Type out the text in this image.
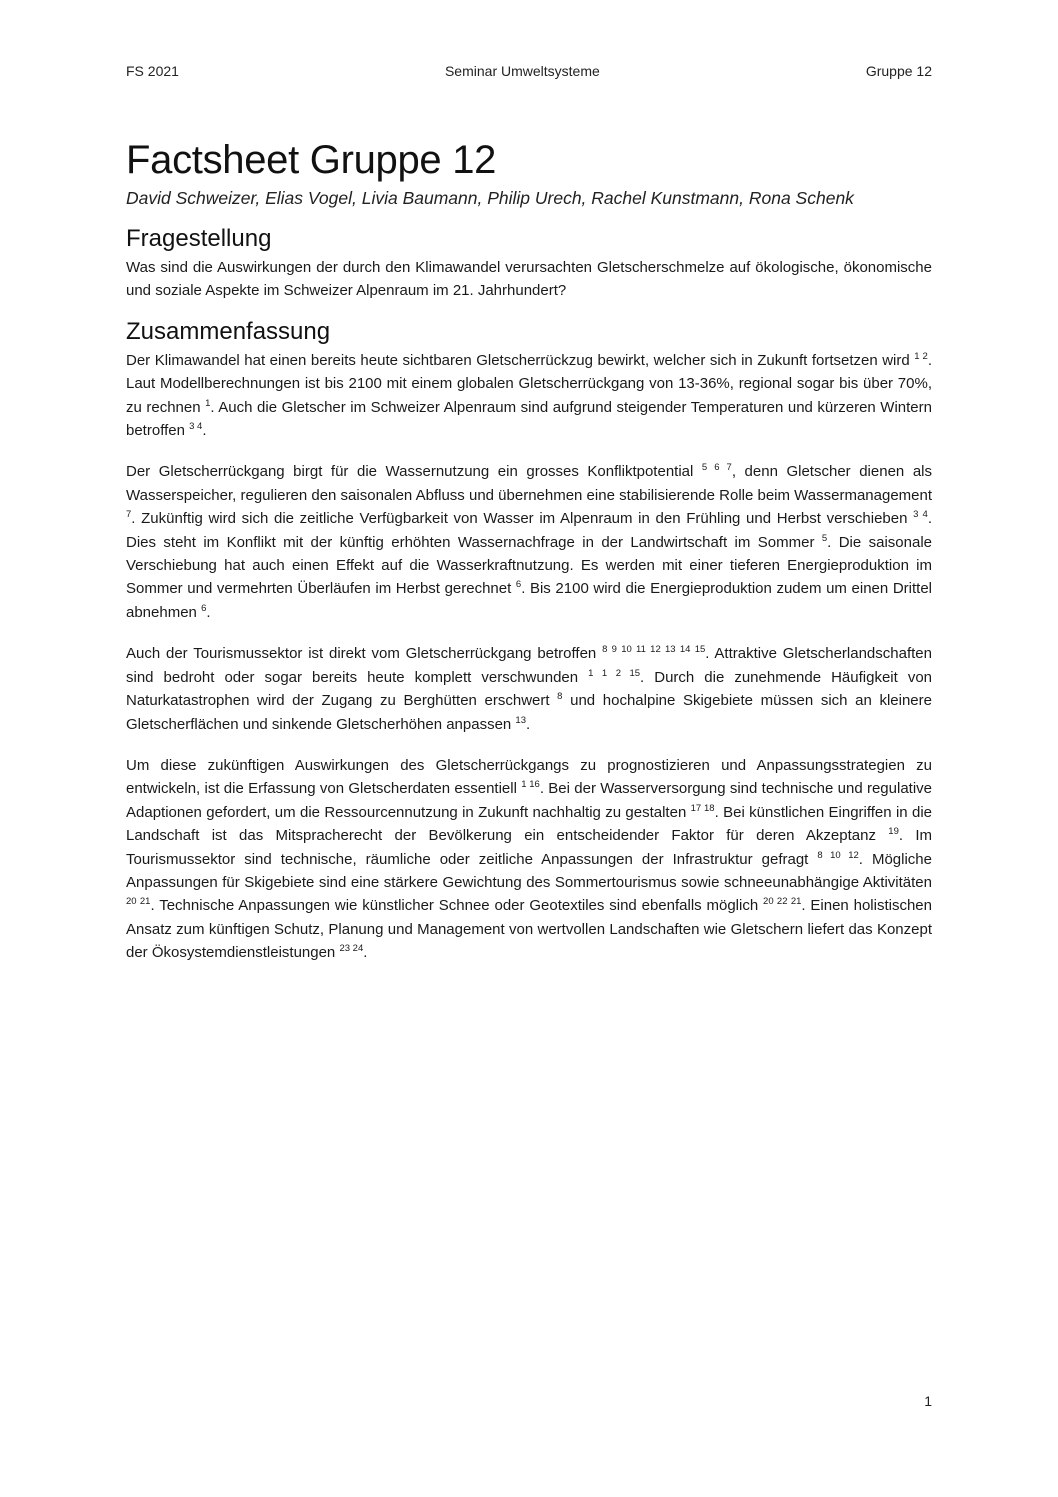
FS 2021	Seminar Umweltsysteme	Gruppe 12
Factsheet Gruppe 12
David Schweizer, Elias Vogel, Livia Baumann, Philip Urech, Rachel Kunstmann, Rona Schenk
Fragestellung

Was sind die Auswirkungen der durch den Klimawandel verursachten Gletscherschmelze auf ökologische, ökonomische und soziale Aspekte im Schweizer Alpenraum im 21. Jahrhundert?

Zusammenfassung

Der Klimawandel hat einen bereits heute sichtbaren Gletscherrückzug bewirkt, welcher sich in Zukunft fortsetzen wird $^{1 2}$. Laut Modellberechnungen ist bis 2100 mit einem globalen Gletscherrückgang von 13-36%, regional sogar bis über 70%, zu rechnen $^1$. Auch die Gletscher im Schweizer Alpenraum sind aufgrund steigender Temperaturen und kürzeren Wintern betroffen $^{3 4}$.

Der Gletscherrückgang birgt für die Wassernutzung ein grosses Konfliktpotential $^{5 6 7}$, denn Gletscher dienen als Wasserspeicher, regulieren den saisonalen Abfluss und übernehmen eine stabilisierende Rolle beim Wassermanagement $^7$. Zukünftig wird sich die zeitliche Verfügbarkeit von Wasser im Alpenraum in den Frühling und Herbst verschieben $^{3 4}$. Dies steht im Konflikt mit der künftig erhöhten Wassernachfrage in der Landwirtschaft im Sommer $^5$. Die saisonale Verschiebung hat auch einen Effekt auf die Wasserkraftnutzung. Es werden mit einer tieferen Energieproduktion im Sommer und vermehrten Überläufen im Herbst gerechnet $^6$. Bis 2100 wird die Energieproduktion zudem um einen Drittel abnehmen $^6$.

Auch der Tourismussektor ist direkt vom Gletscherrückgang betroffen $^{8 9 10 11 12 13 14 15}$. Attraktive Gletscherlandschaften sind bedroht oder sogar bereits heute komplett verschwunden $^{1 1 2 15}$. Durch die zunehmende Häufigkeit von Naturkatastrophen wird der Zugang zu Berghütten erschwert $^8$ und hochalpine Skigebiete müssen sich an kleinere Gletscherflächen und sinkende Gletscherhöhen anpassen $^{13}$.

Um diese zukünftigen Auswirkungen des Gletscherrückgangs zu prognostizieren und Anpassungsstrategien zu entwickeln, ist die Erfassung von Gletscherdaten essentiell $^{1 16}$. Bei der Wasserversorgung sind technische und regulative Adaptionen gefordert, um die Ressourcennutzung in Zukunft nachhaltig zu gestalten $^{17 18}$. Bei künstlichen Eingriffen in die Landschaft ist das Mitspracherecht der Bevölkerung ein entscheidender Faktor für deren Akzeptanz $^{19}$. Im Tourismussektor sind technische, räumliche oder zeitliche Anpassungen der Infrastruktur gefragt $^{8 10 12}$. Mögliche Anpassungen für Skigebiete sind eine stärkere Gewichtung des Sommertourismus sowie schneeunabhängige Aktivitäten $^{20 21}$. Technische Anpassungen wie künstlicher Schnee oder Geotextiles sind ebenfalls möglich $^{20 22 21}$. Einen holistischen Ansatz zum künftigen Schutz, Planung und Management von wertvollen Landschaften wie Gletschern liefert das Konzept der Ökosystemdienstleistungen $^{23 24}$.

1
